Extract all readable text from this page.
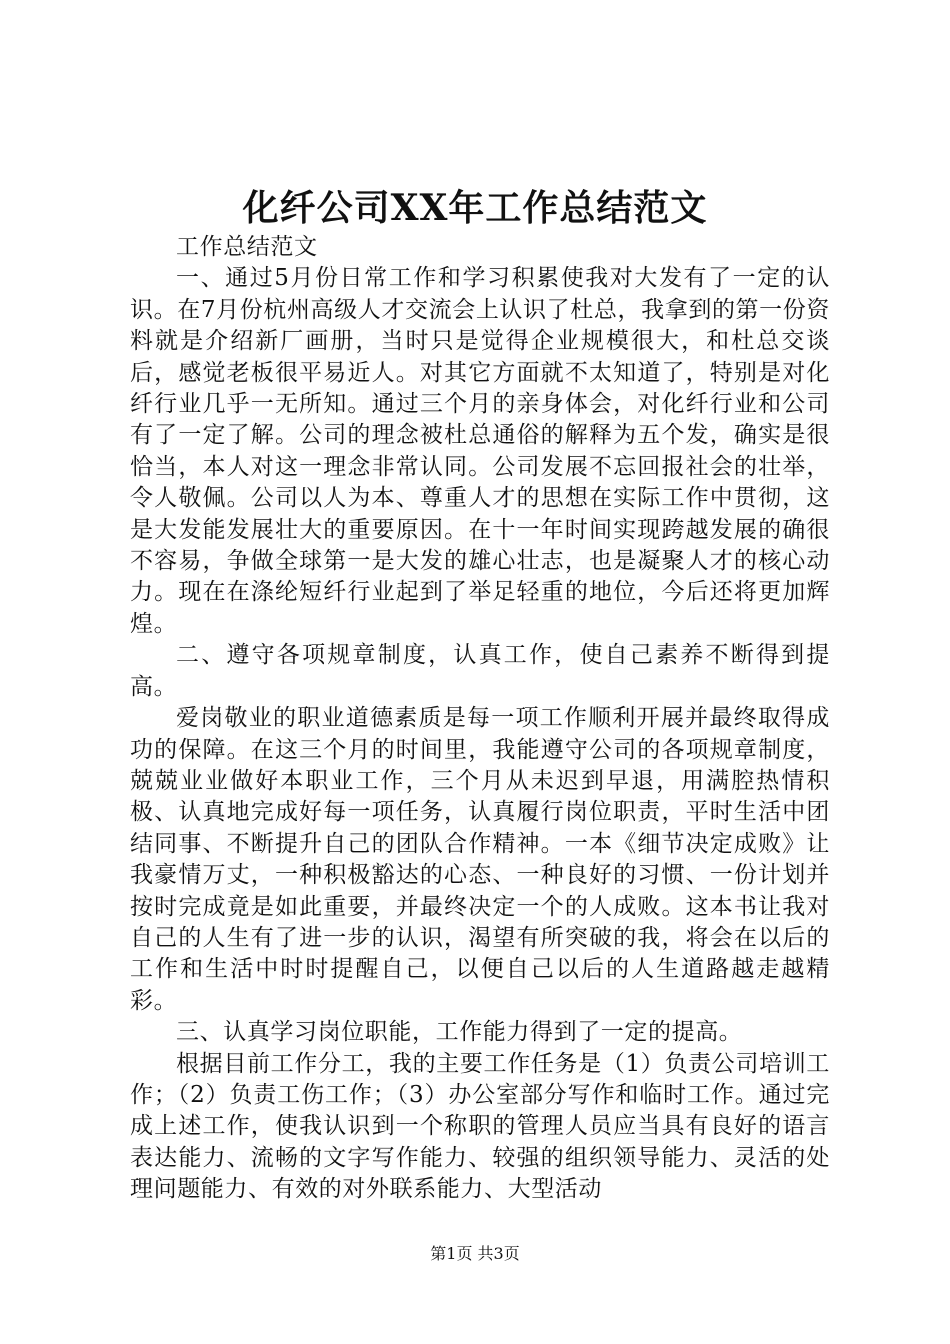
化纤公司XX年工作总结范文

工作总结范文

一、通过5月份日常工作和学习积累使我对大发有了一定的认识。在7月份杭州高级人才交流会上认识了杜总，我拿到的第一份资料就是介绍新厂画册，当时只是觉得企业规模很大，和杜总交谈后，感觉老板很平易近人。对其它方面就不太知道了，特别是对化纤行业几乎一无所知。通过三个月的亲身体会，对化纤行业和公司有了一定了解。公司的理念被杜总通俗的解释为五个发，确实是很恰当，本人对这一理念非常认同。公司发展不忘回报社会的壮举，令人敬佩。公司以人为本、尊重人才的思想在实际工作中贯彻，这是大发能发展壮大的重要原因。在十一年时间实现跨越发展的确很不容易，争做全球第一是大发的雄心壮志，也是凝聚人才的核心动力。现在在涤纶短纤行业起到了举足轻重的地位，今后还将更加辉煌。

二、遵守各项规章制度，认真工作，使自己素养不断得到提高。

爱岗敬业的职业道德素质是每一项工作顺利开展并最终取得成功的保障。在这三个月的时间里，我能遵守公司的各项规章制度，兢兢业业做好本职业工作，三个月从未迟到早退，用满腔热情积极、认真地完成好每一项任务，认真履行岗位职责，平时生活中团结同事、不断提升自己的团队合作精神。一本《细节决定成败》让我豪情万丈，一种积极豁达的心态、一种良好的习惯、一份计划并按时完成竟是如此重要，并最终决定一个的人成败。这本书让我对自己的人生有了进一步的认识，渴望有所突破的我，将会在以后的工作和生活中时时提醒自己，以便自己以后的人生道路越走越精彩。

三、认真学习岗位职能，工作能力得到了一定的提高。

根据目前工作分工，我的主要工作任务是（1）负责公司培训工作；（2）负责工伤工作；（3）办公室部分写作和临时工作。通过完成上述工作，使我认识到一个称职的管理人员应当具有良好的语言表达能力、流畅的文字写作能力、较强的组织领导能力、灵活的处理问题能力、有效的对外联系能力、大型活动

第1页 共3页
